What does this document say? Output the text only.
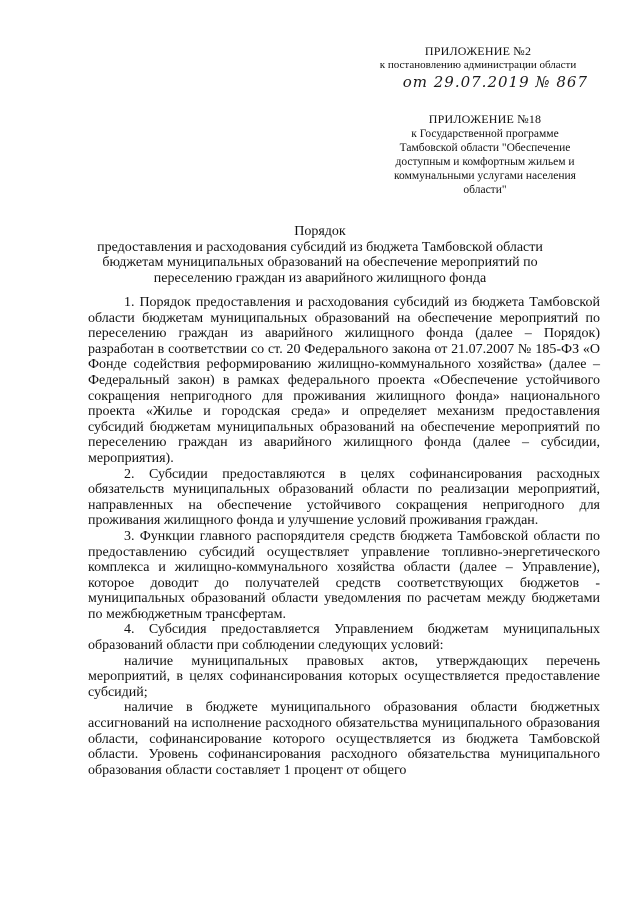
ПРИЛОЖЕНИЕ №2
к постановлению администрации области
от 29.07.2019 № 867
ПРИЛОЖЕНИЕ №18
к Государственной программе
Тамбовской области "Обеспечение
доступным и комфортным жильем и
коммунальными услугами населения
области"
Порядок
предоставления и расходования субсидий из бюджета Тамбовской области бюджетам муниципальных образований на обеспечение мероприятий по переселению граждан из аварийного жилищного фонда

1. Порядок предоставления и расходования субсидий из бюджета Тамбовской области бюджетам муниципальных образований на обеспечение мероприятий по переселению граждан из аварийного жилищного фонда (далее – Порядок) разработан в соответствии со ст. 20 Федерального закона от 21.07.2007 № 185-ФЗ «О Фонде содействия реформированию жилищно-коммунального хозяйства» (далее – Федеральный закон) в рамках федерального проекта «Обеспечение устойчивого сокращения непригодного для проживания жилищного фонда» национального проекта «Жилье и городская среда» и определяет механизм предоставления субсидий бюджетам муниципальных образований на обеспечение мероприятий по переселению граждан из аварийного жилищного фонда (далее – субсидии, мероприятия).

2. Субсидии предоставляются в целях софинансирования расходных обязательств муниципальных образований области по реализации мероприятий, направленных на обеспечение устойчивого сокращения непригодного для проживания жилищного фонда и улучшение условий проживания граждан.

3. Функции главного распорядителя средств бюджета Тамбовской области по предоставлению субсидий осуществляет управление топливно-энергетического комплекса и жилищно-коммунального хозяйства области (далее – Управление), которое доводит до получателей средств соответствующих бюджетов - муниципальных образований области уведомления по расчетам между бюджетами по межбюджетным трансфертам.

4. Субсидия предоставляется Управлением бюджетам муниципальных образований области при соблюдении следующих условий:

наличие муниципальных правовых актов, утверждающих перечень мероприятий, в целях софинансирования которых осуществляется предоставление субсидий;

наличие в бюджете муниципального образования области бюджетных ассигнований на исполнение расходного обязательства муниципального образования области, софинансирование которого осуществляется из бюджета Тамбовской области. Уровень софинансирования расходного обязательства муниципального образования области составляет 1 процент от общего
